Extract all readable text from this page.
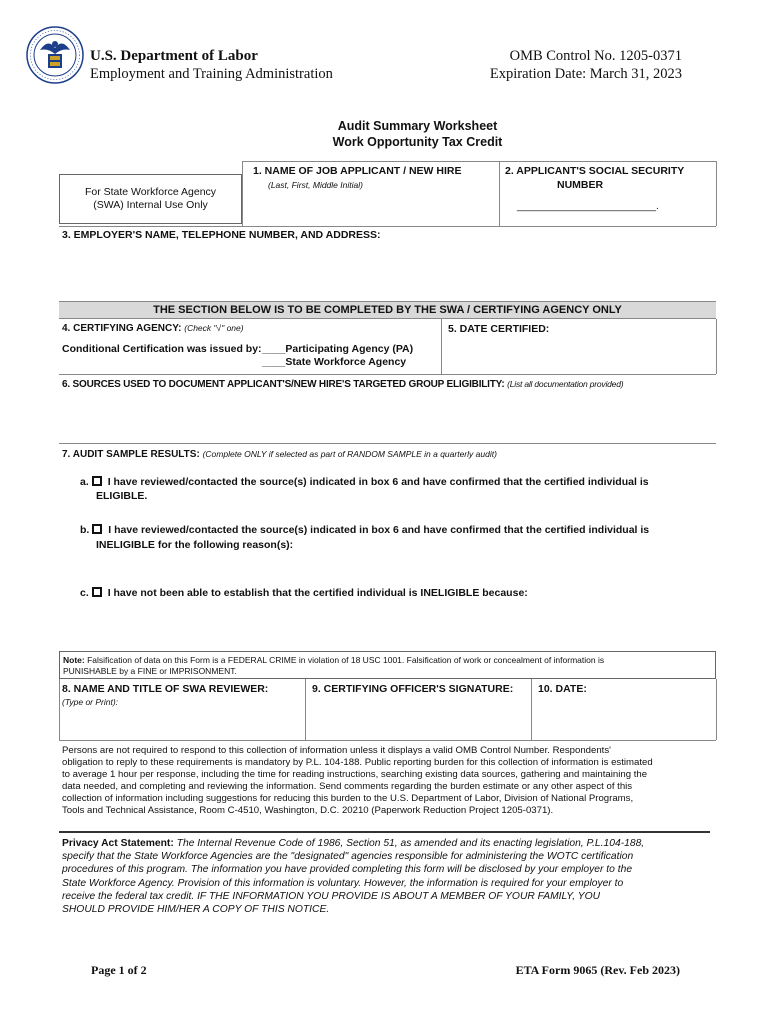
U.S. Department of Labor
Employment and Training Administration
OMB Control No. 1205-0371
Expiration Date: March 31, 2023
Audit Summary Worksheet
Work Opportunity Tax Credit
For State Workforce Agency
(SWA) Internal Use Only
1. NAME OF JOB APPLICANT / NEW HIRE
(Last, First, Middle Initial)
2. APPLICANT'S SOCIAL SECURITY
NUMBER
_________________________.
3. EMPLOYER'S NAME, TELEPHONE NUMBER, AND ADDRESS:
THE SECTION BELOW IS TO BE COMPLETED BY THE SWA / CERTIFYING AGENCY ONLY
4. CERTIFYING AGENCY: (Check "√" one)
Conditional Certification was issued by: ____Participating Agency (PA)
____State Workforce Agency
5. DATE CERTIFIED:
6. SOURCES USED TO DOCUMENT APPLICANT'S/NEW HIRE'S TARGETED GROUP ELIGIBILITY: (List all documentation provided)
7. AUDIT SAMPLE RESULTS: (Complete ONLY if selected as part of RANDOM SAMPLE in a quarterly audit)
a. I have reviewed/contacted the source(s) indicated in box 6 and have confirmed that the certified individual is
ELIGIBLE.
b. I have reviewed/contacted the source(s) indicated in box 6 and have confirmed that the certified individual is
INELIGIBLE for the following reason(s):
c. I have not been able to establish that the certified individual is INELIGIBLE because:
Note: Falsification of data on this Form is a FEDERAL CRIME in violation of 18 USC 1001. Falsification of work or concealment of information is
PUNISHABLE by a FINE or IMPRISONMENT.
8. NAME AND TITLE OF SWA REVIEWER:
(Type or Print):
9. CERTIFYING OFFICER'S SIGNATURE: 10. DATE:
Persons are not required to respond to this collection of information unless it displays a valid OMB Control Number. Respondents'
obligation to reply to these requirements is mandatory by P.L. 104-188. Public reporting burden for this collection of information is estimated
to average 1 hour per response, including the time for reading instructions, searching existing data sources, gathering and maintaining the
data needed, and completing and reviewing the information. Send comments regarding the burden estimate or any other aspect of this
collection of information including suggestions for reducing this burden to the U.S. Department of Labor, Division of National Programs,
Tools and Technical Assistance, Room C-4510, Washington, D.C. 20210 (Paperwork Reduction Project 1205-0371).
Privacy Act Statement: The Internal Revenue Code of 1986, Section 51, as amended and its enacting legislation, P.L.104-188,
specify that the State Workforce Agencies are the "designated" agencies responsible for administering the WOTC certification
procedures of this program. The information you have provided completing this form will be disclosed by your employer to the
State Workforce Agency. Provision of this information is voluntary. However, the information is required for your employer to
receive the federal tax credit. IF THE INFORMATION YOU PROVIDE IS ABOUT A MEMBER OF YOUR FAMILY, YOU
SHOULD PROVIDE HIM/HER A COPY OF THIS NOTICE.
Page 1 of 2	ETA Form 9065 (Rev. Feb 2023)
